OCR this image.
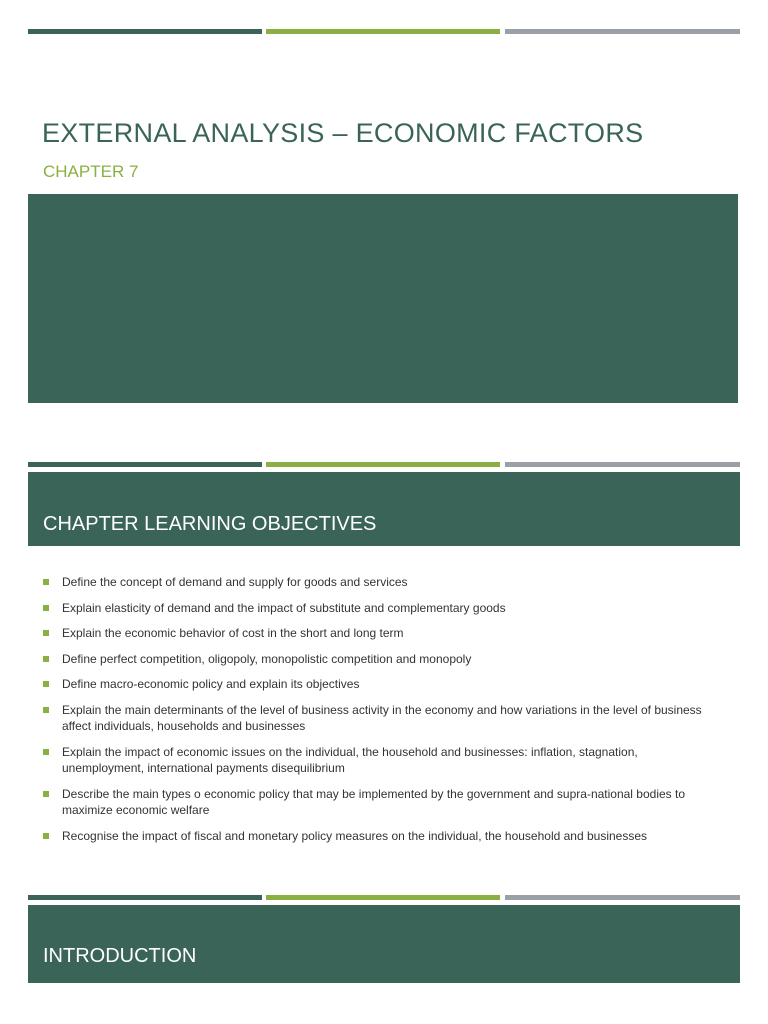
EXTERNAL ANALYSIS – ECONOMIC FACTORS
CHAPTER 7
CHAPTER LEARNING OBJECTIVES
Define the concept of demand and supply for goods and services
Explain elasticity of demand and the impact of substitute and complementary goods
Explain the economic behavior of cost in the short and long term
Define perfect competition, oligopoly, monopolistic competition and monopoly
Define macro-economic policy and explain its objectives
Explain the main determinants of the level of business activity in the economy and how variations in the level of business affect individuals, households and businesses
Explain the impact of economic issues on the individual, the household and businesses: inflation, stagnation, unemployment, international payments disequilibrium
Describe the main types o economic policy that may be implemented by the government and supra-national bodies to maximize economic welfare
Recognise the impact of fiscal and monetary policy measures on the individual, the household and businesses
INTRODUCTION
